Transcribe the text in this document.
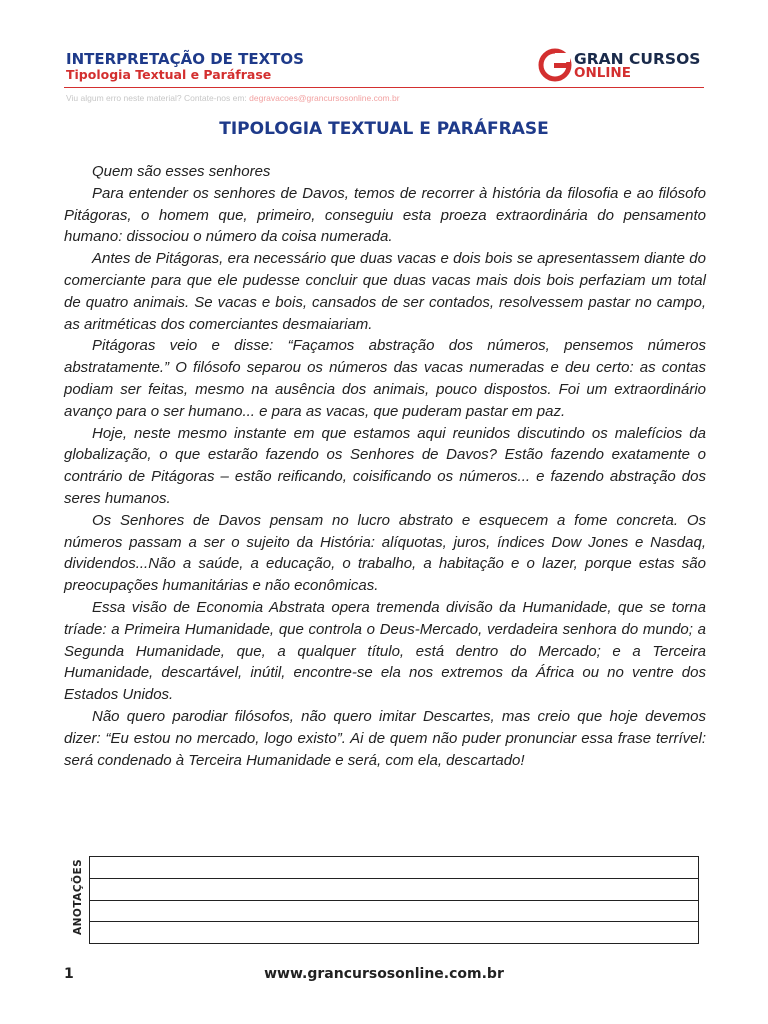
INTERPRETAÇÃO DE TEXTOS
Tipologia Textual e Paráfrase
GRAN CURSOS
ONLINE
Viu algum erro neste material? Contate-nos em: degravacoes@grancursosonline.com.br
TIPOLOGIA TEXTUAL E PARÁFRASE

Quem são esses senhores

Para entender os senhores de Davos, temos de recorrer à história da filosofia e ao filósofo Pitágoras, o homem que, primeiro, conseguiu esta proeza extraordinária do pensamento humano: dissociou o número da coisa numerada.

Antes de Pitágoras, era necessário que duas vacas e dois bois se apresentassem diante do comerciante para que ele pudesse concluir que duas vacas mais dois bois perfaziam um total de quatro animais. Se vacas e bois, cansados de ser contados, resolvessem pastar no campo, as aritméticas dos comerciantes desmaiariam.

Pitágoras veio e disse: “Façamos abstração dos números, pensemos números abstratamente.” O filósofo separou os números das vacas numeradas e deu certo: as contas podiam ser feitas, mesmo na ausência dos animais, pouco dispostos. Foi um extraordinário avanço para o ser humano... e para as vacas, que puderam pastar em paz.

Hoje, neste mesmo instante em que estamos aqui reunidos discutindo os malefícios da globalização, o que estarão fazendo os Senhores de Davos? Estão fazendo exatamente o contrário de Pitágoras – estão reificando, coisificando os números... e fazendo abstração dos seres humanos.

Os Senhores de Davos pensam no lucro abstrato e esquecem a fome concreta. Os números passam a ser o sujeito da História: alíquotas, juros, índices Dow Jones e Nasdaq, dividendos...Não a saúde, a educação, o trabalho, a habitação e o lazer, porque estas são preocupações humanitárias e não econômicas.

Essa visão de Economia Abstrata opera tremenda divisão da Humanidade, que se torna tríade: a Primeira Humanidade, que controla o Deus-Mercado, verdadeira senhora do mundo; a Segunda Humanidade, que, a qualquer título, está dentro do Mercado; e a Terceira Humanidade, descartável, inútil, encontre-se ela nos extremos da África ou no ventre dos Estados Unidos.

Não quero parodiar filósofos, não quero imitar Descartes, mas creio que hoje devemos dizer: “Eu estou no mercado, logo existo”. Ai de quem não puder pronunciar essa frase terrível: será condenado à Terceira Humanidade e será, com ela, descartado!

ANOTAÇÕES
1	www.grancursosonline.com.br
